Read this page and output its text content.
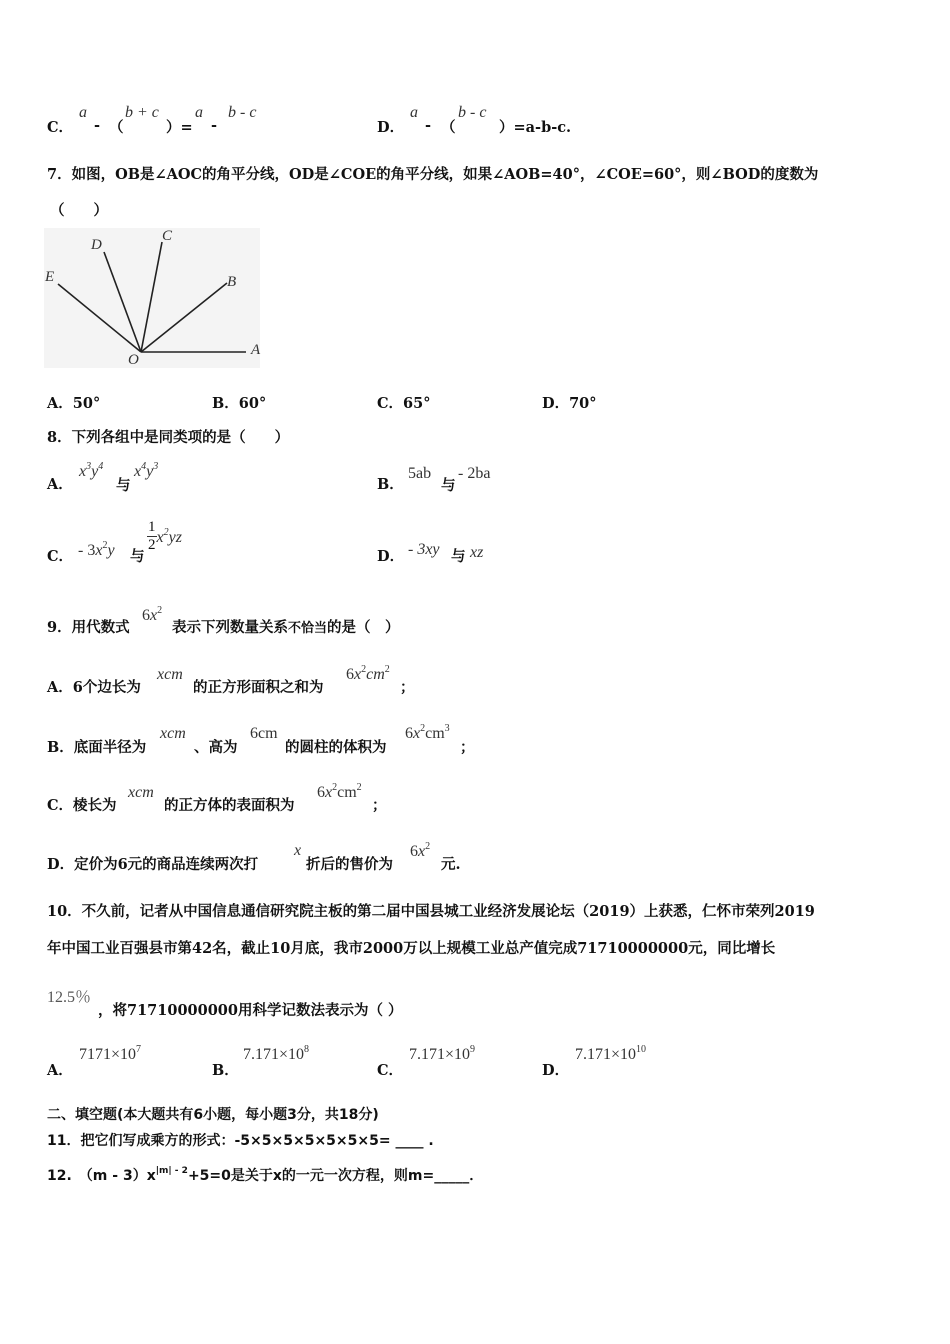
C．
a
- （
b + c
）=
a
-
b - c
D．
a
- （
b - c
）=a-b-c.
7．如图，OB是∠AOC的角平分线，OD是∠COE的角平分线，如果∠AOB=40°，∠COE=60°，则∠BOD的度数为
（　　）
A
B
C
D
E
O
A．50°	B．60°	C．65°	D．70°
8．下列各组中是同类项的是（　　）
A．
$x^3y^4$
与
$x^4y^3$
B．
5ab
与
- 2ba
C． - $3x^2y$ 与
$\frac{1}{2} x^2yz$
D． - 3xy 与 xz
9．用代数式
$6x^2$
表示下列数量关系不恰当的是（　）
A．6个边长为
xcm
的正方形面积之和为
$6x^2cm^2$
；
B．底面半径为
xcm
、高为
6cm
的圆柱的体积为
$6x^2cm^3$
；
C．棱长为
xcm
的正方体的表面积为
$6x^2cm^2$
；
D．定价为6元的商品连续两次打
x
折后的售价为
$6x^2$
元.
10．不久前，记者从中国信息通信研究院主板的第二届中国县城工业经济发展论坛（2019）上获悉，仁怀市荣列2019
年中国工业百强县市第42名，截止10月底，我市2000万以上规模工业总产值完成71710000000元，同比增长
12.5％
，将71710000000用科学记数法表示为（ ）
A．
$7171\times 10^7$
B．
$7.171\times 10^8$
C．
$7.171\times 10^9$
D．
$7.171\times 10^{10}$
二、填空题(本大题共有6小题，每小题3分，共18分)
11．把它们写成乘方的形式：-5×5×5×5×5×5×5= ____ .
12.　$(m - 3)x^{|m| - 2}+5=0$是关于x的一元一次方程，则m=_____．
